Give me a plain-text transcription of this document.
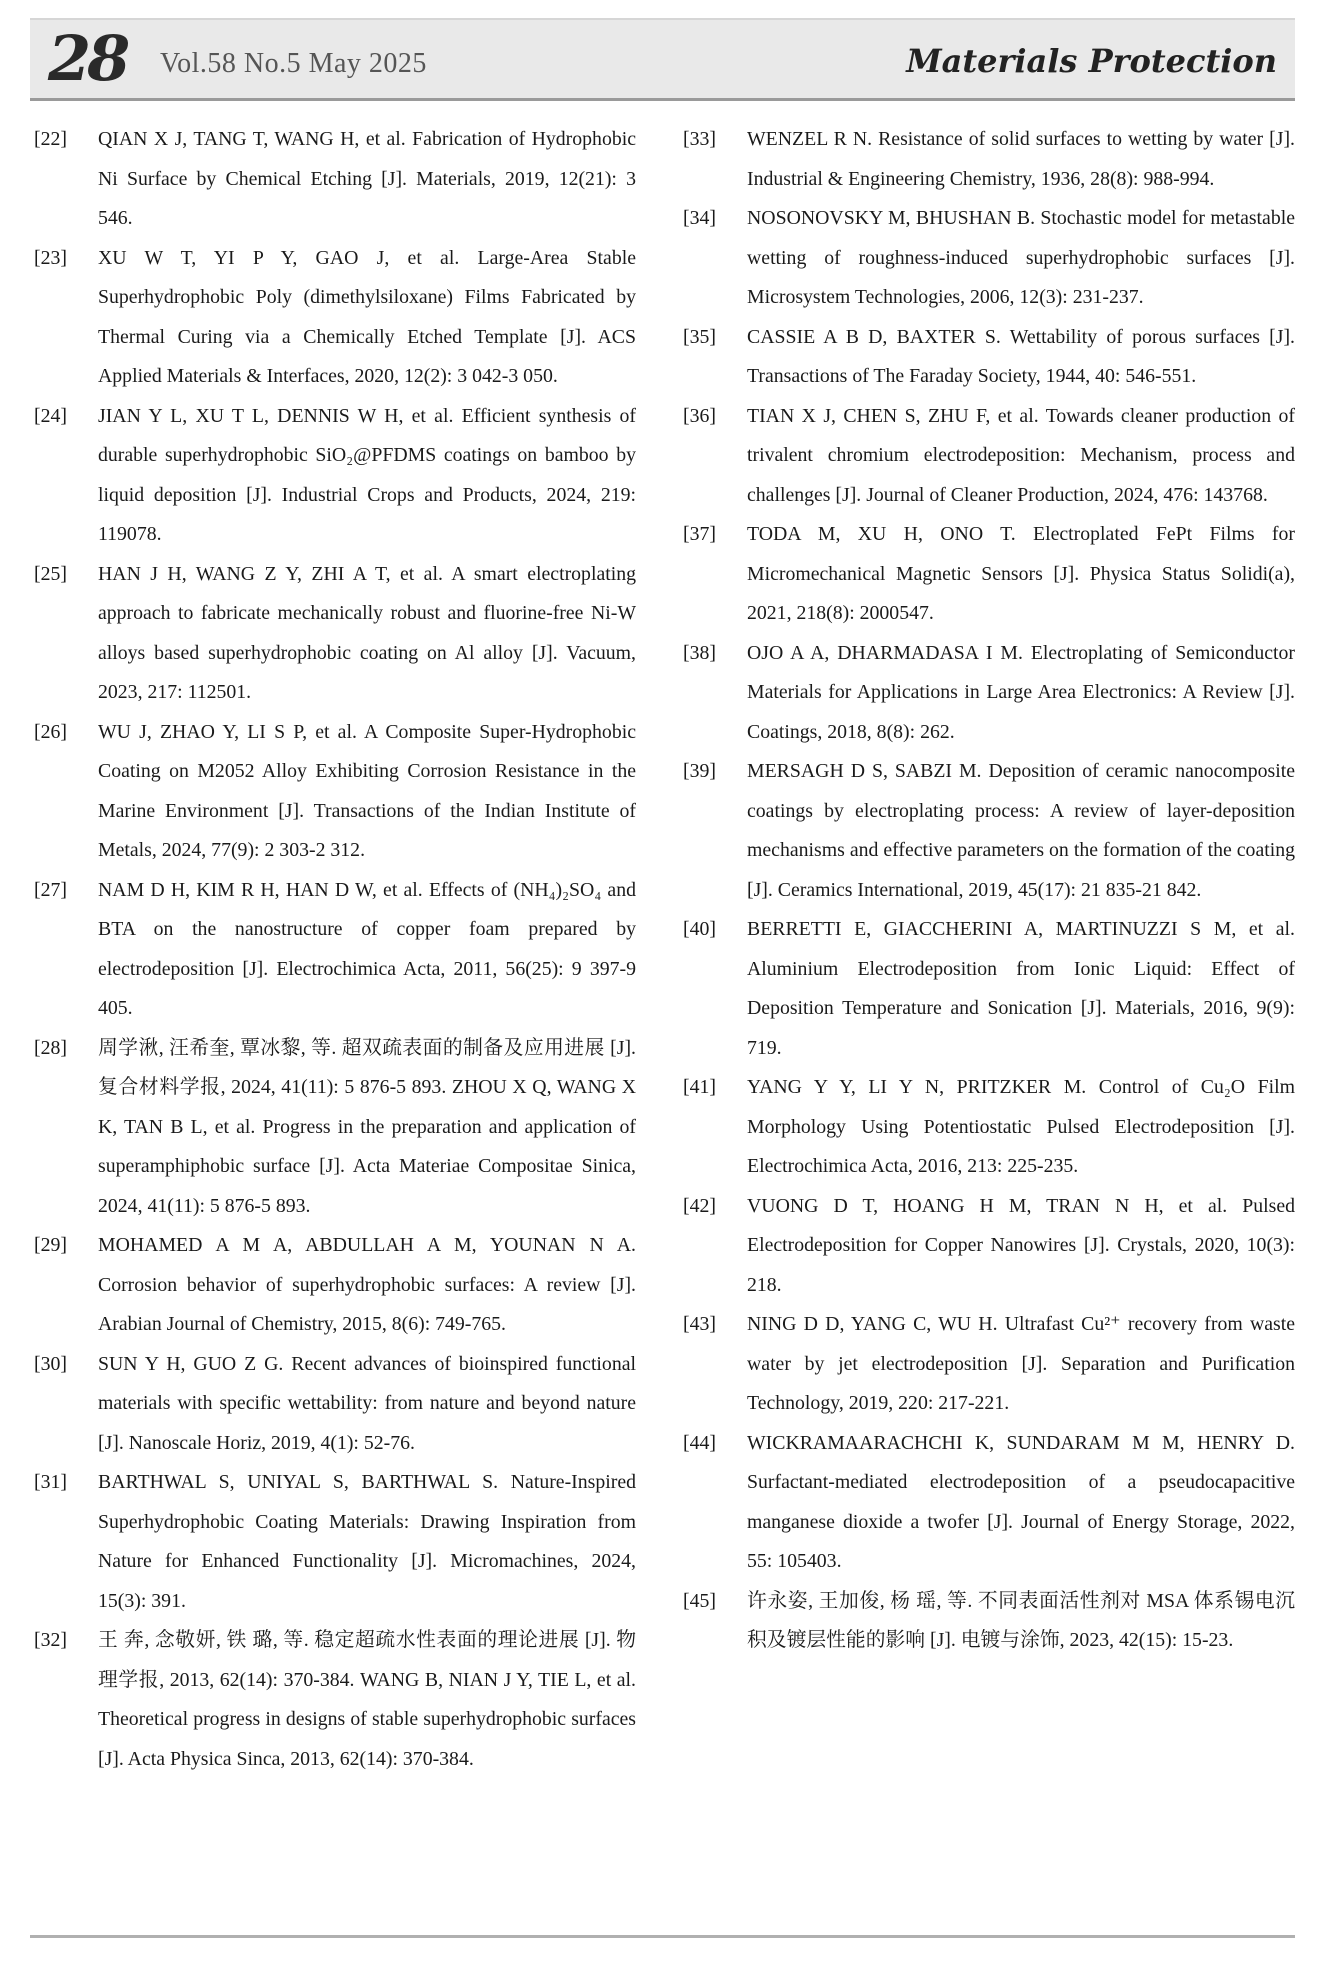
28 Vol.58 No.5 May 2025	Materials Protection
[22]	QIAN X J, TANG T, WANG H, et al. Fabrication of Hydrophobic Ni Surface by Chemical Etching [J]. Materials, 2019, 12(21): 3 546.
[23]	XU W T, YI P Y, GAO J, et al. Large-Area Stable Superhydrophobic Poly (dimethylsiloxane) Films Fabricated by Thermal Curing via a Chemically Etched Template [J]. ACS Applied Materials & Interfaces, 2020, 12(2): 3 042-3 050.
[24]	JIAN Y L, XU T L, DENNIS W H, et al. Efficient synthesis of durable superhydrophobic SiO₂@PFDMS coatings on bamboo by liquid deposition [J]. Industrial Crops and Products, 2024, 219: 119078.
[25]	HAN J H, WANG Z Y, ZHI A T, et al. A smart electroplating approach to fabricate mechanically robust and fluorine-free Ni-W alloys based superhydrophobic coating on Al alloy [J]. Vacuum, 2023, 217: 112501.
[26]	WU J, ZHAO Y, LI S P, et al. A Composite Super-Hydrophobic Coating on M2052 Alloy Exhibiting Corrosion Resistance in the Marine Environment [J]. Transactions of the Indian Institute of Metals, 2024, 77(9): 2 303-2 312.
[27]	NAM D H, KIM R H, HAN D W, et al. Effects of (NH₄)₂SO₄ and BTA on the nanostructure of copper foam prepared by electrodeposition [J]. Electrochimica Acta, 2011, 56(25): 9 397-9 405.
[28]	周学湫, 汪希奎, 覃冰黎, 等. 超双疏表面的制备及应用进展 [J]. 复合材料学报, 2024, 41(11): 5 876-5 893. ZHOU X Q, WANG X K, TAN B L, et al. Progress in the preparation and application of superamphiphobic surface [J]. Acta Materiae Compositae Sinica, 2024, 41(11): 5 876-5 893.
[29]	MOHAMED A M A, ABDULLAH A M, YOUNAN N A. Corrosion behavior of superhydrophobic surfaces: A review [J]. Arabian Journal of Chemistry, 2015, 8(6): 749-765.
[30]	SUN Y H, GUO Z G. Recent advances of bioinspired functional materials with specific wettability: from nature and beyond nature [J]. Nanoscale Horiz, 2019, 4(1): 52-76.
[31]	BARTHWAL S, UNIYAL S, BARTHWAL S. Nature-Inspired Superhydrophobic Coating Materials: Drawing Inspiration from Nature for Enhanced Functionality [J]. Micromachines, 2024, 15(3): 391.
[32]	王 奔, 念敬妍, 铁 璐, 等. 稳定超疏水性表面的理论进展 [J]. 物理学报, 2013, 62(14): 370-384. WANG B, NIAN J Y, TIE L, et al. Theoretical progress in designs of stable superhydrophobic surfaces [J]. Acta Physica Sinca, 2013, 62(14): 370-384.
[33]	WENZEL R N. Resistance of solid surfaces to wetting by water [J]. Industrial & Engineering Chemistry, 1936, 28(8): 988-994.
[34]	NOSONOVSKY M, BHUSHAN B. Stochastic model for metastable wetting of roughness-induced superhydrophobic surfaces [J]. Microsystem Technologies, 2006, 12(3): 231-237.
[35]	CASSIE A B D, BAXTER S. Wettability of porous surfaces [J]. Transactions of The Faraday Society, 1944, 40: 546-551.
[36]	TIAN X J, CHEN S, ZHU F, et al. Towards cleaner production of trivalent chromium electrodeposition: Mechanism, process and challenges [J]. Journal of Cleaner Production, 2024, 476: 143768.
[37]	TODA M, XU H, ONO T. Electroplated FePt Films for Micromechanical Magnetic Sensors [J]. Physica Status Solidi(a), 2021, 218(8): 2000547.
[38]	OJO A A, DHARMADASA I M. Electroplating of Semiconductor Materials for Applications in Large Area Electronics: A Review [J]. Coatings, 2018, 8(8): 262.
[39]	MERSAGH D S, SABZI M. Deposition of ceramic nanocomposite coatings by electroplating process: A review of layer-deposition mechanisms and effective parameters on the formation of the coating [J]. Ceramics International, 2019, 45(17): 21 835-21 842.
[40]	BERRETTI E, GIACCHERINI A, MARTINUZZI S M, et al. Aluminium Electrodeposition from Ionic Liquid: Effect of Deposition Temperature and Sonication [J]. Materials, 2016, 9(9): 719.
[41]	YANG Y Y, LI Y N, PRITZKER M. Control of Cu₂O Film Morphology Using Potentiostatic Pulsed Electrodeposition [J]. Electrochimica Acta, 2016, 213: 225-235.
[42]	VUONG D T, HOANG H M, TRAN N H, et al. Pulsed Electrodeposition for Copper Nanowires [J]. Crystals, 2020, 10(3): 218.
[43]	NING D D, YANG C, WU H. Ultrafast Cu²⁺ recovery from waste water by jet electrodeposition [J]. Separation and Purification Technology, 2019, 220: 217-221.
[44]	WICKRAMAARACHCHI K, SUNDARAM M M, HENRY D. Surfactant-mediated electrodeposition of a pseudocapacitive manganese dioxide a twofer [J]. Journal of Energy Storage, 2022, 55: 105403.
[45]	许永姿, 王加俊, 杨 瑶, 等. 不同表面活性剂对 MSA 体系锡电沉积及镀层性能的影响 [J]. 电镀与涂饰, 2023, 42(15): 15-23.
